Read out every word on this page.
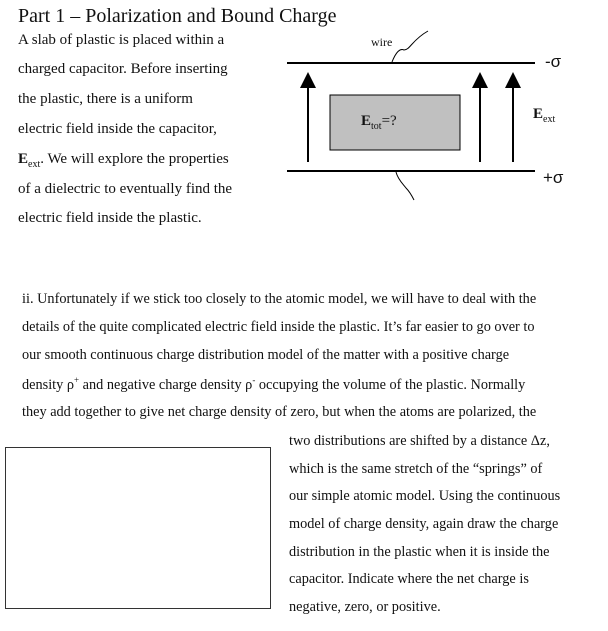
Part 1 – Polarization and Bound Charge
A slab of plastic is placed within a
charged capacitor. Before inserting
the plastic, there is a uniform
electric field inside the capacitor,
$E_{ext}$. We will explore the properties
of a dielectric to eventually find the
electric field inside the plastic.
wire
-σ
+σ
$E_{ext}$
$E_{tot}=$?
ii. Unfortunately if we stick too closely to the atomic model, we will have to deal with the
details of the quite complicated electric field inside the plastic. It’s far easier to go over to
our smooth continuous charge distribution model of the matter with a positive charge
density ρ+ and negative charge density ρ- occupying the volume of the plastic. Normally
they add together to give net charge density of zero, but when the atoms are polarized, the
two distributions are shifted by a distance Δz,
which is the same stretch of the “springs” of
our simple atomic model. Using the continuous
model of charge density, again draw the charge
distribution in the plastic when it is inside the
capacitor. Indicate where the net charge is
negative, zero, or positive.
